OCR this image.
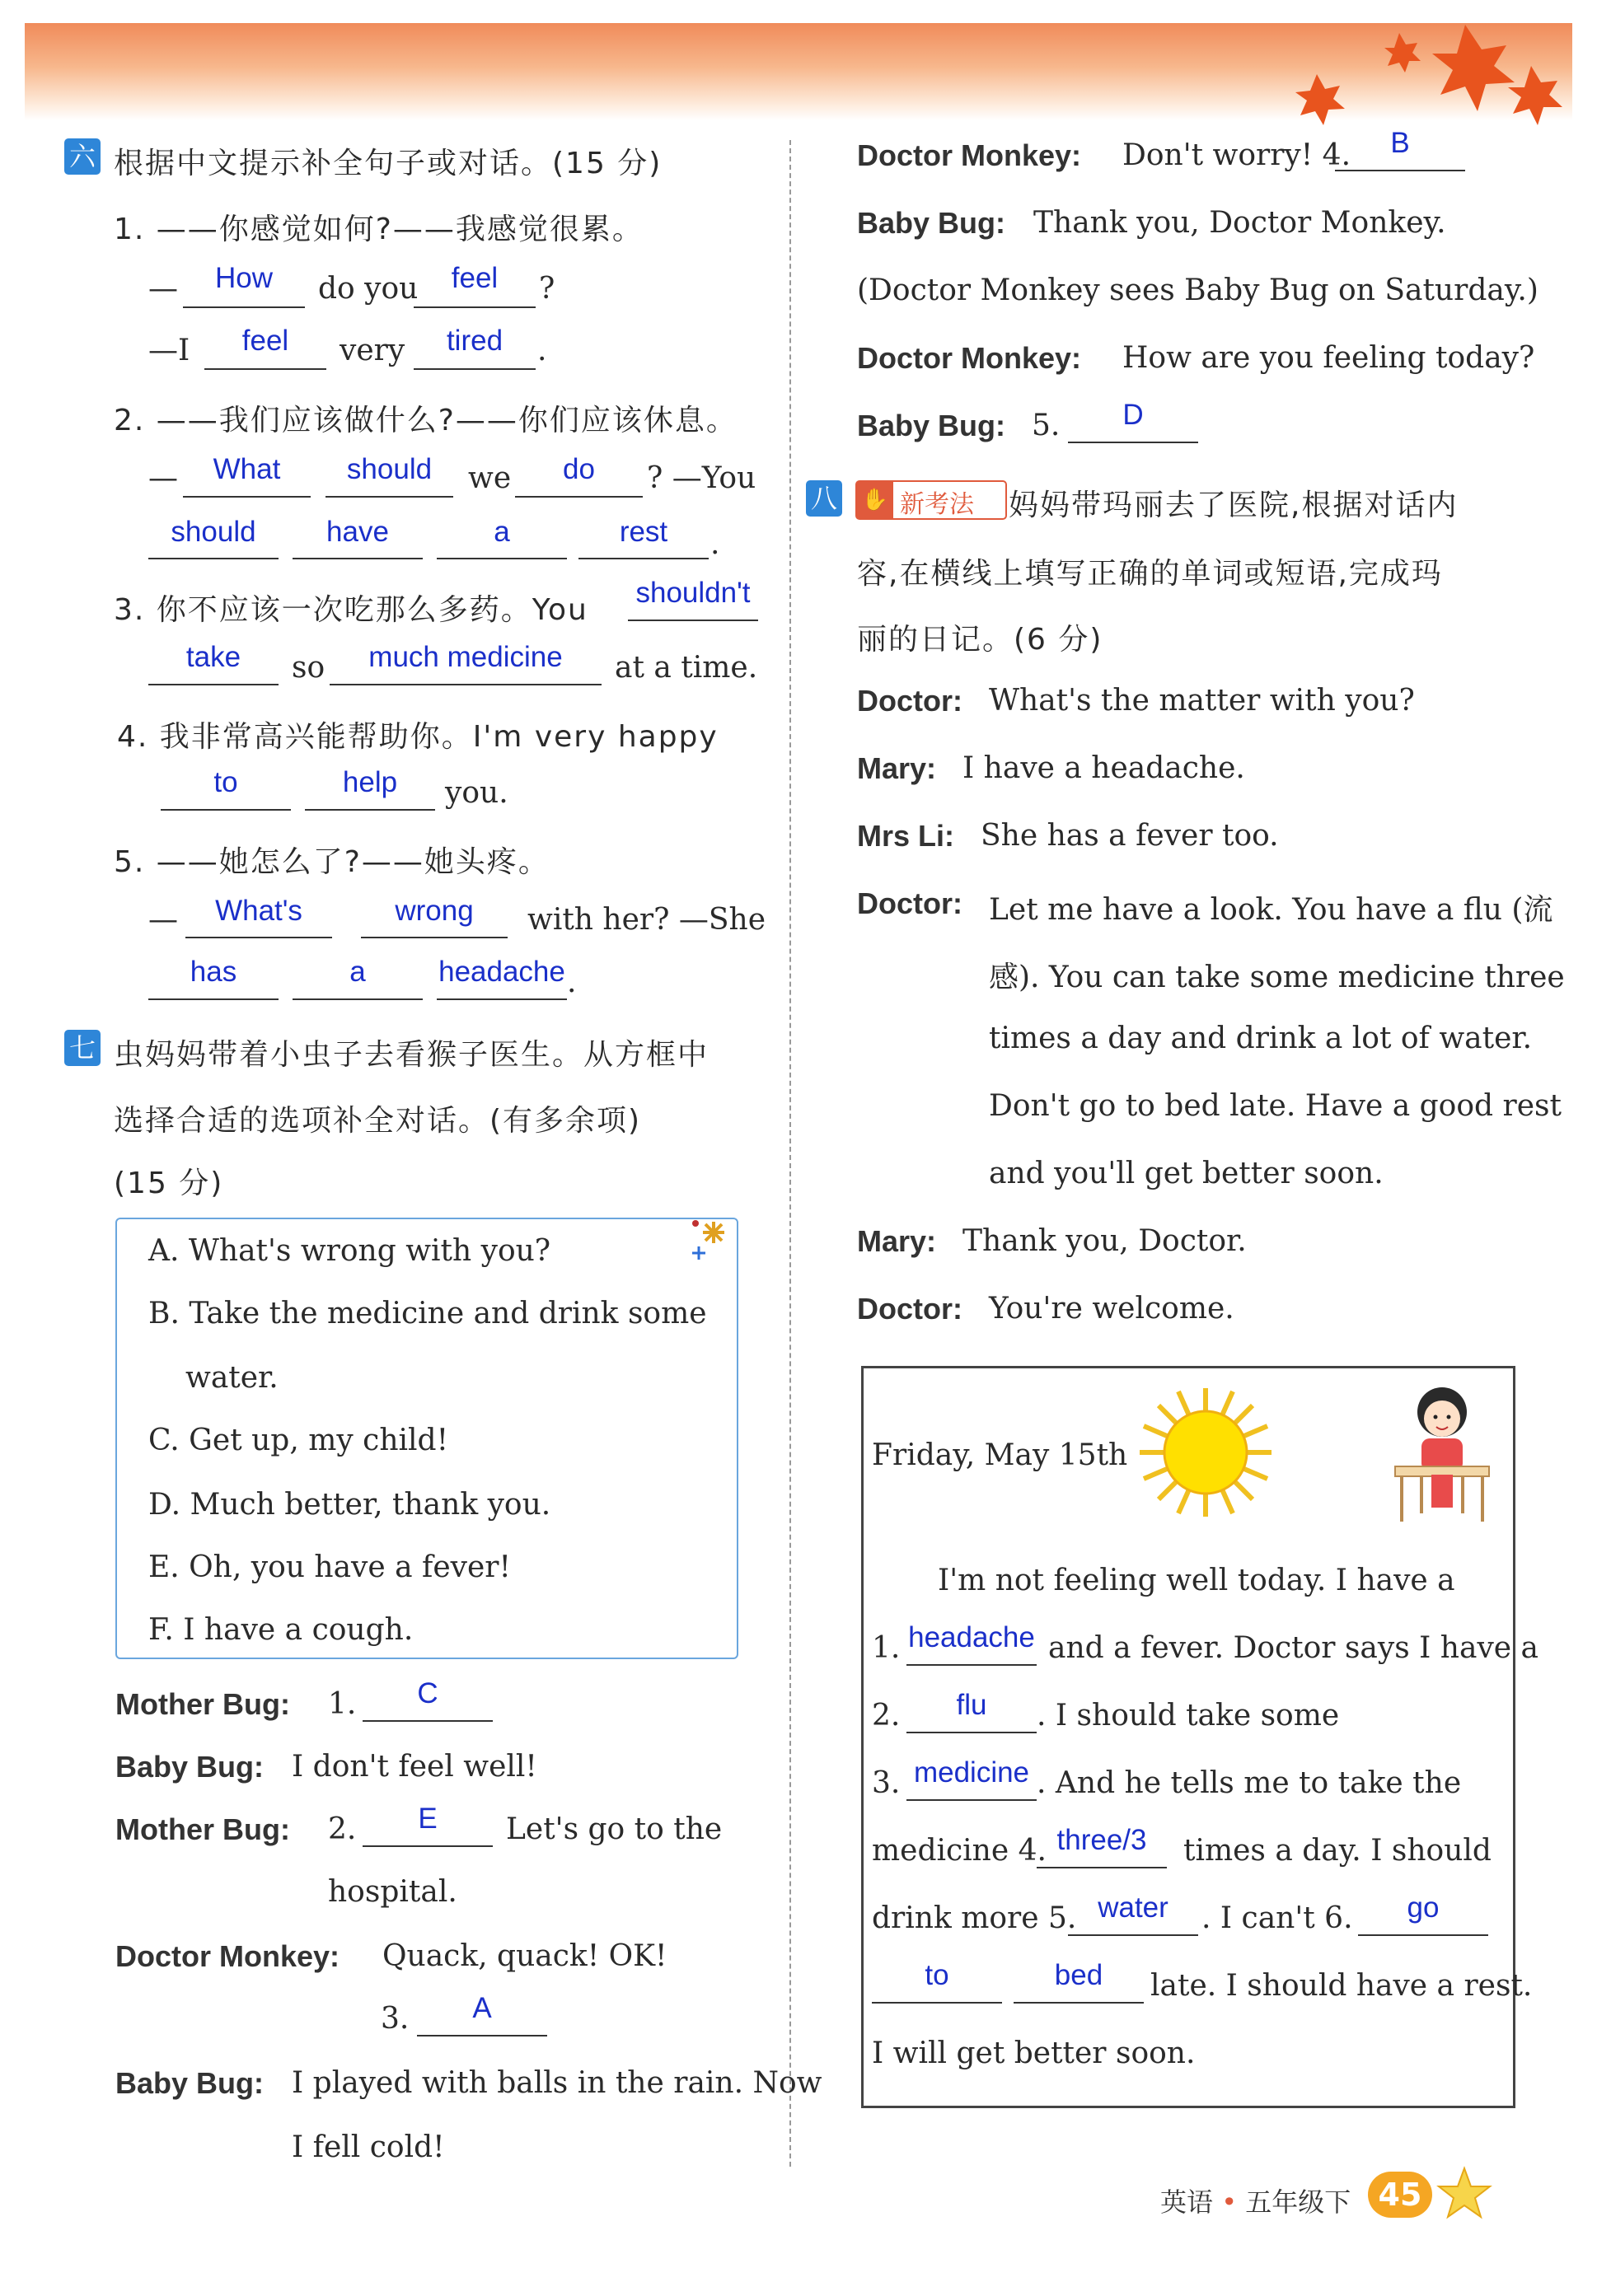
六 根据中文提示补全句子或对话。(15 分)
1. ——你感觉如何?——我感觉很累。
—	How	do you	feel	?
—I	feel	very	tired	.
2. ——我们应该做什么?——你们应该休息。
—	What	should	we	do	? —You
should	have	a	rest	.
3. 你不应该一次吃那么多药。You
shouldn't
take	so	much medicine	at a time.
4. 我非常高兴能帮助你。I'm very happy
to	help	you.
5. ——她怎么了?——她头疼。
—	What's	wrong	with her? —She
has	a	headache .
七 虫妈妈带着小虫子去看猴子医生。从方框中
选择合适的选项补全对话。(有多余项)
(15 分)
A. What's wrong with you?
B. Take the medicine and drink some
water.
C. Get up, my child!
D. Much better, thank you.
E. Oh, you have a fever!
F. I have a cough.
Mother Bug: 1.	C
Baby Bug: I don't feel well!
Mother Bug: 2.	E	Let's go to the
hospital.
Doctor Monkey: Quack, quack! OK!
3.	A
Baby Bug: I played with balls in the rain. Now
I fell cold!
Doctor Monkey: Don't worry! 4.	B
Baby Bug: Thank you, Doctor Monkey.
(Doctor Monkey sees Baby Bug on Saturday.)
Doctor Monkey: How are you feeling today?
Baby Bug: 5.	D
八 ✋ 新考法 妈妈带玛丽去了医院,根据对话内
容,在横线上填写正确的单词或短语,完成玛
丽的日记。(6 分)
Doctor: What's the matter with you?
Mary: I have a headache.
Mrs Li: She has a fever too.
Doctor: Let me have a look. You have a flu (流
感). You can take some medicine three
times a day and drink a lot of water.
Don't go to bed late. Have a good rest
and you'll get better soon.
Mary: Thank you, Doctor.
Doctor: You're welcome.
Friday, May 15th
I'm not feeling well today. I have a
1. headache and a fever. Doctor says I have a
2.	flu	. I should take some
3. medicine . And he tells me to take the
medicine 4. three/3	times a day. I should
drink more 5. water	. I can't 6.	go
to	bed	late. I should have a rest.
I will get better soon.
英语 • 五年级下 45
